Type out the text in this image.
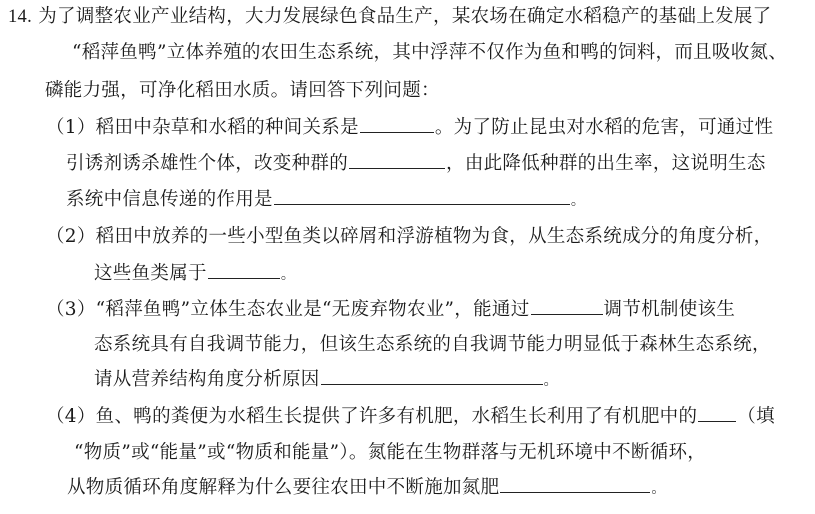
14. 为了调整农业产业结构，大力发展绿色食品生产，某农场在确定水稻稳产的基础上发展了
“稻萍鱼鸭”立体养殖的农田生态系统，其中浮萍不仅作为鱼和鸭的饲料，而且吸收氮、
磷能力强，可净化稻田水质。请回答下列问题：
（1）稻田中杂草和水稻的种间关系是	。为了防止昆虫对水稻的危害，可通过性
引诱剂诱杀雄性个体，改变种群的	，由此降低种群的出生率，这说明生态
系统中信息传递的作用是	。
（2）稻田中放养的一些小型鱼类以碎屑和浮游植物为食，从生态系统成分的角度分析，
这些鱼类属于	。
（3）“稻萍鱼鸭”立体生态农业是“无废弃物农业”，能通过	调节机制使该生
态系统具有自我调节能力，但该生态系统的自我调节能力明显低于森林生态系统，
请从营养结构角度分析原因	。
（4）鱼、鸭的粪便为水稻生长提供了许多有机肥，水稻生长利用了有机肥中的 （填
“物质”或“能量”或“物质和能量”）。氮能在生物群落与无机环境中不断循环，
从物质循环角度解释为什么要往农田中不断施加氮肥	。
